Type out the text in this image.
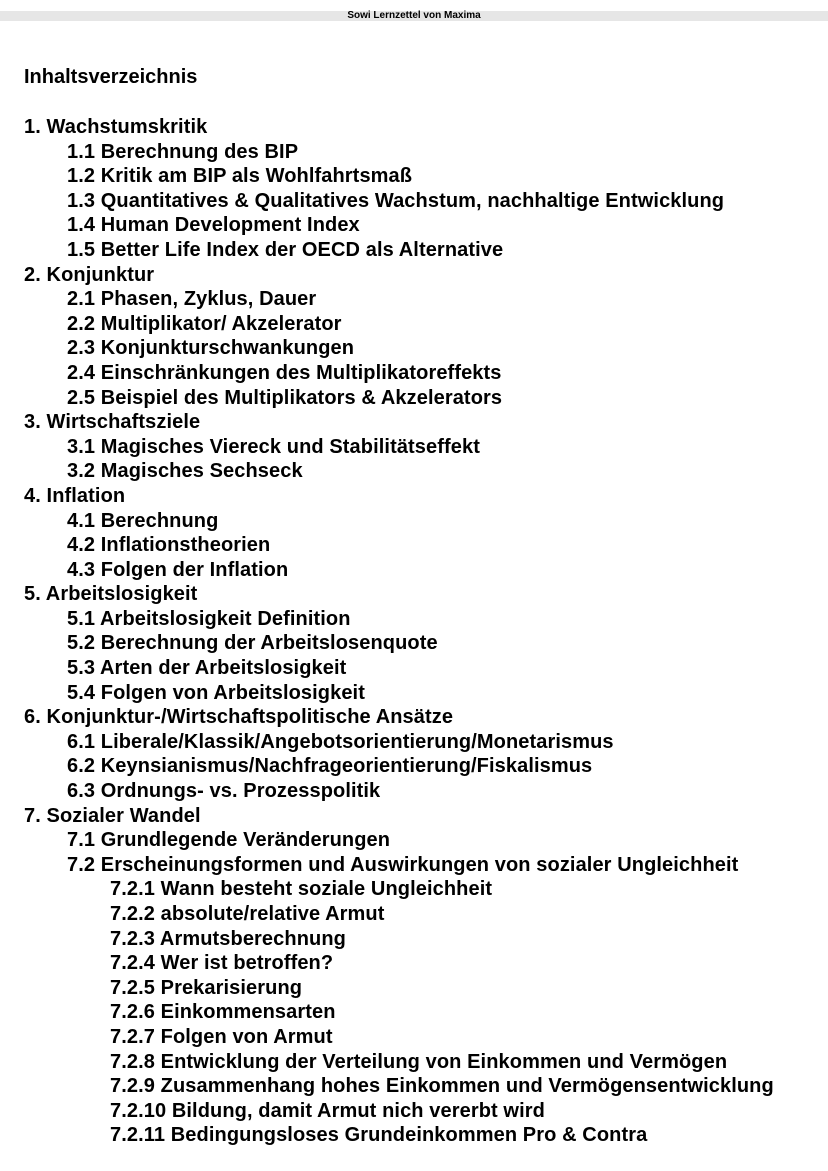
Sowi Lernzettel von Maxima
Inhaltsverzeichnis
1. Wachstumskritik
1.1 Berechnung des BIP
1.2 Kritik am BIP als Wohlfahrtsmaß
1.3 Quantitatives & Qualitatives Wachstum, nachhaltige Entwicklung
1.4 Human Development Index
1.5 Better Life Index der OECD als Alternative
2. Konjunktur
2.1 Phasen, Zyklus, Dauer
2.2 Multiplikator/ Akzelerator
2.3 Konjunkturschwankungen
2.4 Einschränkungen des Multiplikatoreffekts
2.5 Beispiel des Multiplikators & Akzelerators
3. Wirtschaftsziele
3.1 Magisches Viereck und Stabilitätseffekt
3.2 Magisches Sechseck
4. Inflation
4.1 Berechnung
4.2 Inflationstheorien
4.3 Folgen der Inflation
5. Arbeitslosigkeit
5.1 Arbeitslosigkeit Definition
5.2 Berechnung der Arbeitslosenquote
5.3 Arten der Arbeitslosigkeit
5.4 Folgen von Arbeitslosigkeit
6. Konjunktur-/Wirtschaftspolitische Ansätze
6.1 Liberale/Klassik/Angebotsorientierung/Monetarismus
6.2 Keynsianismus/Nachfrageorientierung/Fiskalismus
6.3 Ordnungs- vs. Prozesspolitik
7. Sozialer Wandel
7.1 Grundlegende Veränderungen
7.2 Erscheinungsformen und Auswirkungen von sozialer Ungleichheit
7.2.1 Wann besteht soziale Ungleichheit
7.2.2 absolute/relative Armut
7.2.3 Armutsberechnung
7.2.4 Wer ist betroffen?
7.2.5 Prekarisierung
7.2.6 Einkommensarten
7.2.7 Folgen von Armut
7.2.8 Entwicklung der Verteilung von Einkommen und Vermögen
7.2.9 Zusammenhang hohes Einkommen und Vermögensentwicklung
7.2.10 Bildung, damit Armut nich vererbt wird
7.2.11 Bedingungsloses Grundeinkommen Pro & Contra
